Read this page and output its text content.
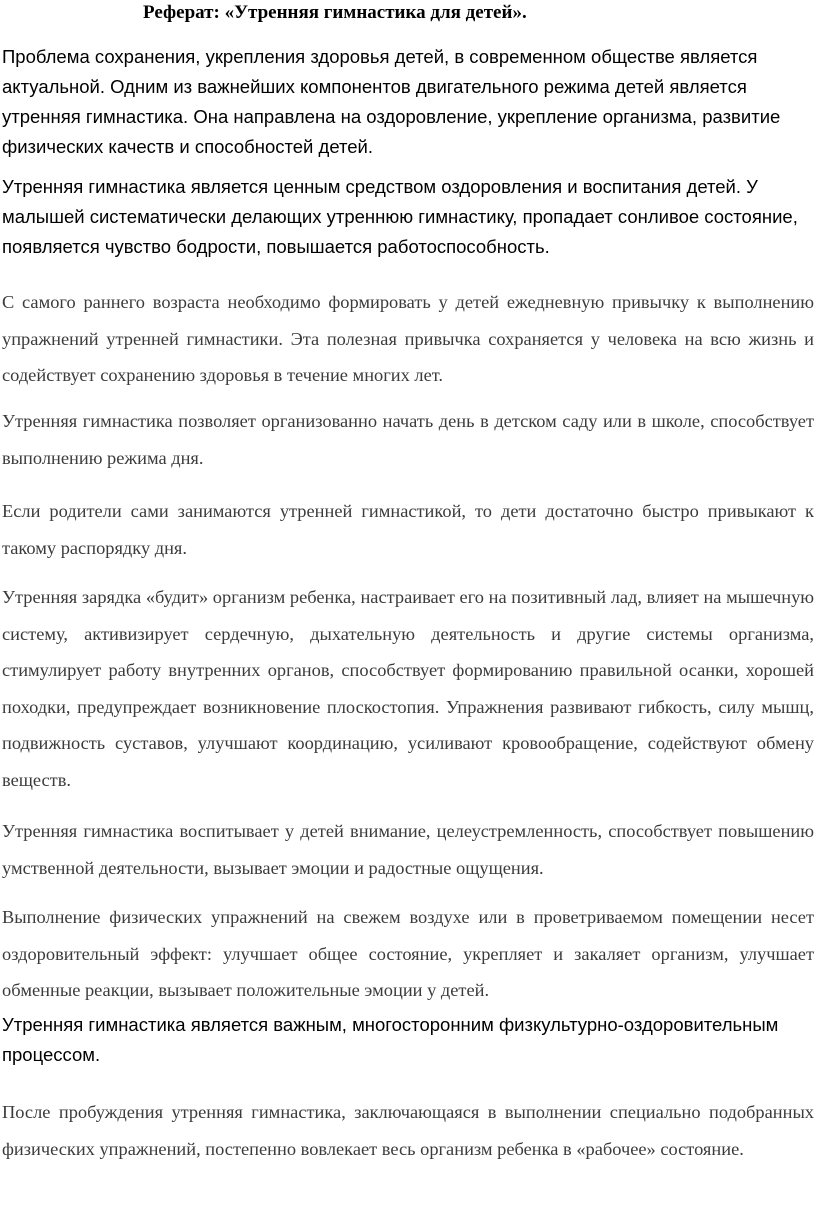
Реферат: «Утренняя гимнастика для детей».

Проблема сохранения, укрепления здоровья детей, в современном обществе является актуальной. Одним из важнейших компонентов двигательного режима детей является утренняя гимнастика. Она направлена на оздоровление, укрепление организма, развитие физических качеств и способностей детей.

Утренняя гимнастика является ценным средством оздоровления и воспитания детей. У малышей систематически делающих утреннюю гимнастику, пропадает сонливое состояние, появляется чувство бодрости, повышается работоспособность.

С самого раннего возраста необходимо формировать у детей ежедневную привычку к выполнению упражнений утренней гимнастики. Эта полезная привычка сохраняется у человека на всю жизнь и содействует сохранению здоровья в течение многих лет.

Утренняя гимнастика позволяет организованно начать день в детском саду или в школе, способствует выполнению режима дня.

Если родители сами занимаются утренней гимнастикой, то дети достаточно быстро привыкают к такому распорядку дня.

Утренняя зарядка «будит» организм ребенка, настраивает его на позитивный лад, влияет на мышечную систему, активизирует сердечную, дыхательную деятельность и другие системы организма, стимулирует работу внутренних органов, способствует формированию правильной осанки, хорошей походки, предупреждает возникновение плоскостопия. Упражнения развивают гибкость, силу мышц, подвижность суставов, улучшают координацию, усиливают кровообращение, содействуют обмену веществ.

Утренняя гимнастика воспитывает у детей внимание, целеустремленность, способствует повышению умственной деятельности, вызывает эмоции и радостные ощущения.

Выполнение физических упражнений на свежем воздухе или в проветриваемом помещении несет оздоровительный эффект: улучшает общее состояние, укрепляет и закаляет организм, улучшает обменные реакции, вызывает положительные эмоции у детей.

Утренняя гимнастика является важным, многосторонним физкультурно-оздоровительным процессом.

После пробуждения утренняя гимнастика, заключающаяся в выполнении специально подобранных физических упражнений, постепенно вовлекает весь организм ребенка в «рабочее» состояние.
